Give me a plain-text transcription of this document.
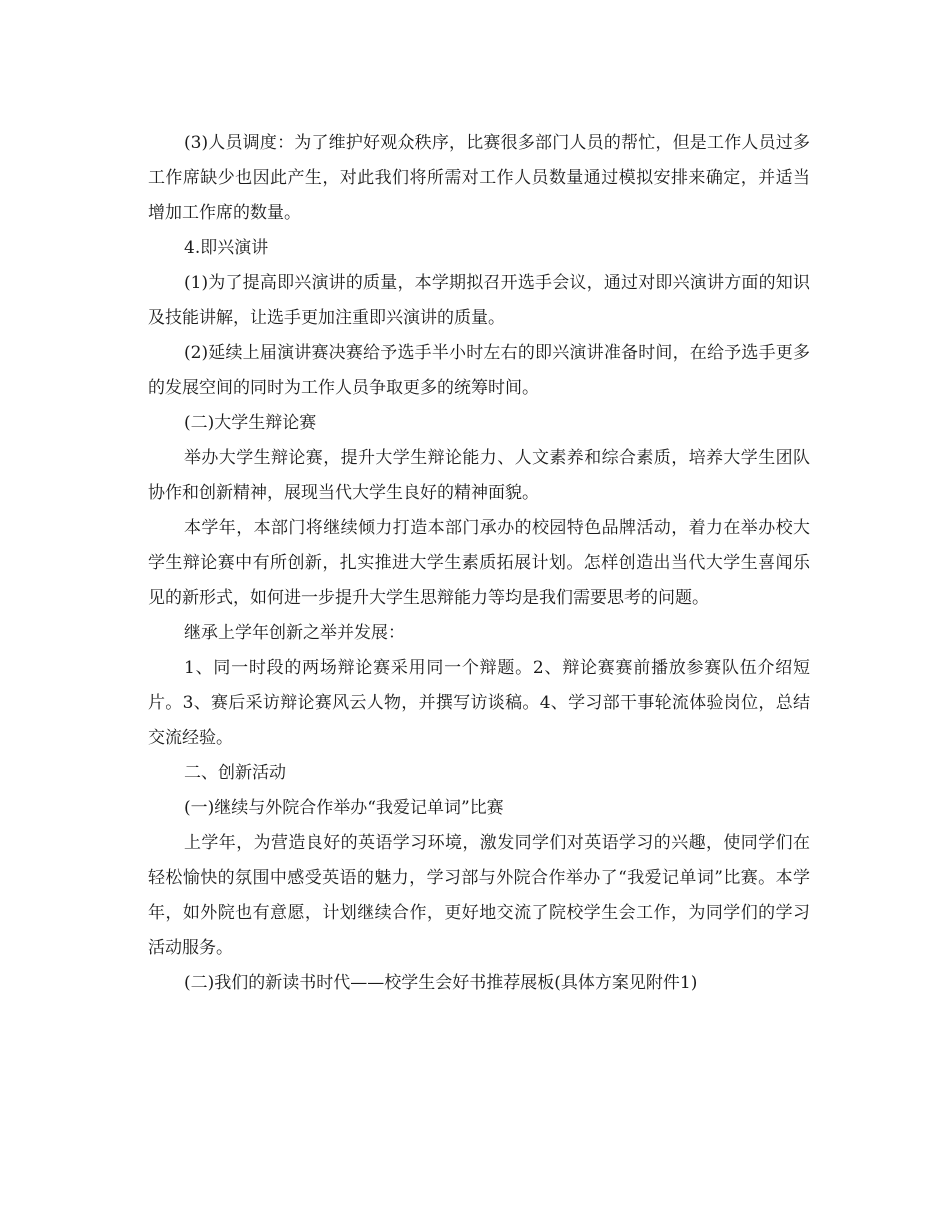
(3)人员调度：为了维护好观众秩序，比赛很多部门人员的帮忙，但是工作人员过多工作席缺少也因此产生，对此我们将所需对工作人员数量通过模拟安排来确定，并适当增加工作席的数量。

4.即兴演讲

(1)为了提高即兴演讲的质量，本学期拟召开选手会议，通过对即兴演讲方面的知识及技能讲解，让选手更加注重即兴演讲的质量。

(2)延续上届演讲赛决赛给予选手半小时左右的即兴演讲准备时间，在给予选手更多的发展空间的同时为工作人员争取更多的统筹时间。

(二)大学生辩论赛

举办大学生辩论赛，提升大学生辩论能力、人文素养和综合素质，培养大学生团队协作和创新精神，展现当代大学生良好的精神面貌。

本学年，本部门将继续倾力打造本部门承办的校园特色品牌活动，着力在举办校大学生辩论赛中有所创新，扎实推进大学生素质拓展计划。怎样创造出当代大学生喜闻乐见的新形式，如何进一步提升大学生思辩能力等均是我们需要思考的问题。

继承上学年创新之举并发展：

1、同一时段的两场辩论赛采用同一个辩题。2、辩论赛赛前播放参赛队伍介绍短片。3、赛后采访辩论赛风云人物，并撰写访谈稿。4、学习部干事轮流体验岗位，总结交流经验。

二、创新活动

(一)继续与外院合作举办“我爱记单词”比赛

上学年，为营造良好的英语学习环境，激发同学们对英语学习的兴趣，使同学们在轻松愉快的氛围中感受英语的魅力，学习部与外院合作举办了“我爱记单词”比赛。本学年，如外院也有意愿，计划继续合作，更好地交流了院校学生会工作，为同学们的学习活动服务。

(二)我们的新读书时代——校学生会好书推荐展板(具体方案见附件1)
